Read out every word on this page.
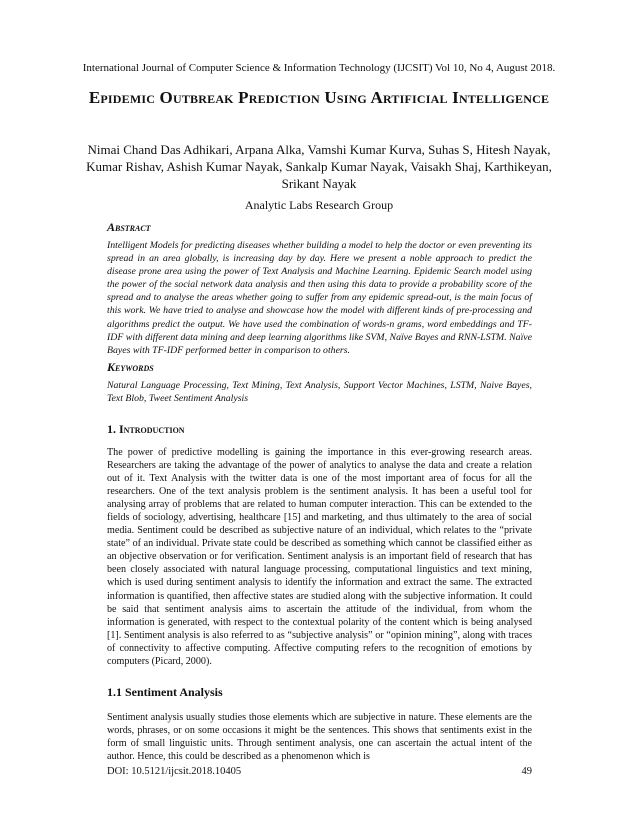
International Journal of Computer Science & Information Technology (IJCSIT) Vol 10, No 4, August 2018.
Epidemic Outbreak Prediction Using Artificial Intelligence
Nimai Chand Das Adhikari, Arpana Alka, Vamshi Kumar Kurva, Suhas S, Hitesh Nayak, Kumar Rishav, Ashish Kumar Nayak, Sankalp Kumar Nayak, Vaisakh Shaj, Karthikeyan, Srikant Nayak
Analytic Labs Research Group
Abstract
Intelligent Models for predicting diseases whether building a model to help the doctor or even preventing its spread in an area globally, is increasing day by day. Here we present a noble approach to predict the disease prone area using the power of Text Analysis and Machine Learning. Epidemic Search model using the power of the social network data analysis and then using this data to provide a probability score of the spread and to analyse the areas whether going to suffer from any epidemic spread-out, is the main focus of this work. We have tried to analyse and showcase how the model with different kinds of pre-processing and algorithms predict the output. We have used the combination of words-n grams, word embeddings and TF-IDF with different data mining and deep learning algorithms like SVM, Naïve Bayes and RNN-LSTM. Naïve Bayes with TF-IDF performed better in comparison to others.
Keywords
Natural Language Processing, Text Mining, Text Analysis, Support Vector Machines, LSTM, Naive Bayes, Text Blob, Tweet Sentiment Analysis
1. Introduction
The power of predictive modelling is gaining the importance in this ever-growing research areas. Researchers are taking the advantage of the power of analytics to analyse the data and create a relation out of it. Text Analysis with the twitter data is one of the most important area of focus for all the researchers. One of the text analysis problem is the sentiment analysis. It has been a useful tool for analysing array of problems that are related to human computer interaction. This can be extended to the fields of sociology, advertising, healthcare [15] and marketing, and thus ultimately to the area of social media. Sentiment could be described as subjective nature of an individual, which relates to the “private state” of an individual. Private state could be described as something which cannot be classified either as an objective observation or for verification. Sentiment analysis is an important field of research that has been closely associated with natural language processing, computational linguistics and text mining, which is used during sentiment analysis to identify the information and extract the same. The extracted information is quantified, then affective states are studied along with the subjective information. It could be said that sentiment analysis aims to ascertain the attitude of the individual, from whom the information is generated, with respect to the contextual polarity of the content which is being analysed [1]. Sentiment analysis is also referred to as “subjective analysis” or “opinion mining”, along with traces of connectivity to affective computing. Affective computing refers to the recognition of emotions by computers (Picard, 2000).
1.1 Sentiment Analysis
Sentiment analysis usually studies those elements which are subjective in nature. These elements are the words, phrases, or on some occasions it might be the sentences. This shows that sentiments exist in the form of small linguistic units. Through sentiment analysis, one can ascertain the actual intent of the author. Hence, this could be described as a phenomenon which is
DOI: 10.5121/ijcsit.2018.10405	49
